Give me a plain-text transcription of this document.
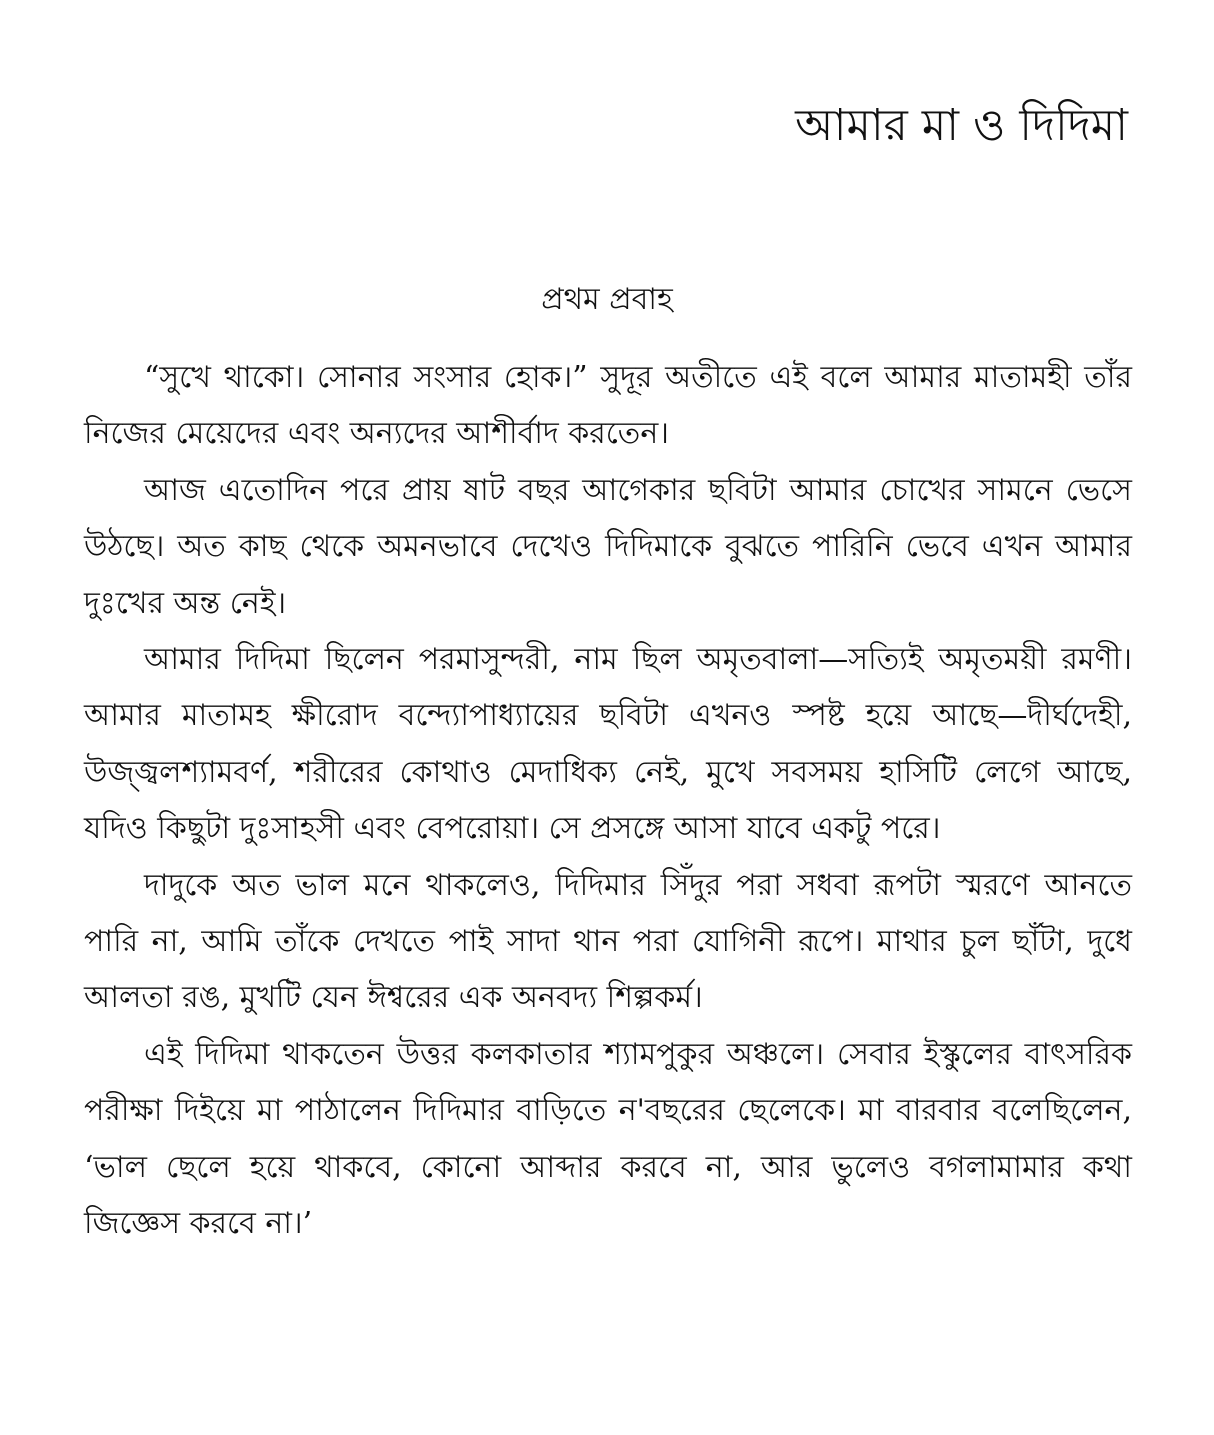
আমার মা ও দিদিমা
প্রথম প্রবাহ

“সুখে থাকো। সোনার সংসার হোক।” সুদূর অতীতে এই বলে আমার মাতামহী তাঁর নিজের মেয়েদের এবং অন্যদের আশীর্বাদ করতেন।

আজ এতোদিন পরে প্রায় ষাট বছর আগেকার ছবিটা আমার চোখের সামনে ভেসে উঠছে। অত কাছ থেকে অমনভাবে দেখেও দিদিমাকে বুঝতে পারিনি ভেবে এখন আমার দুঃখের অন্ত নেই।

আমার দিদিমা ছিলেন পরমাসুন্দরী, নাম ছিল অমৃতবালা—সত্যিই অমৃতময়ী রমণী। আমার মাতামহ ক্ষীরোদ বন্দ্যোপাধ্যায়ের ছবিটা এখনও স্পষ্ট হয়ে আছে—দীর্ঘদেহী, উজ্জ্বলশ্যামবর্ণ, শরীরের কোথাও মেদাধিক্য নেই, মুখে সবসময় হাসিটি লেগে আছে, যদিও কিছুটা দুঃসাহসী এবং বেপরোয়া। সে প্রসঙ্গে আসা যাবে একটু পরে।

দাদুকে অত ভাল মনে থাকলেও, দিদিমার সিঁদুর পরা সধবা রূপটা স্মরণে আনতে পারি না, আমি তাঁকে দেখতে পাই সাদা থান পরা যোগিনী রূপে। মাথার চুল ছাঁটা, দুধে আলতা রঙ, মুখটি যেন ঈশ্বরের এক অনবদ্য শিল্পকর্ম।

এই দিদিমা থাকতেন উত্তর কলকাতার শ্যামপুকুর অঞ্চলে। সেবার ইস্কুলের বাৎসরিক পরীক্ষা দিইয়ে মা পাঠালেন দিদিমার বাড়িতে ন'বছরের ছেলেকে। মা বারবার বলেছিলেন, ‘ভাল ছেলে হয়ে থাকবে, কোনো আব্দার করবে না, আর ভুলেও বগলামামার কথা জিজ্ঞেস করবে না।’
